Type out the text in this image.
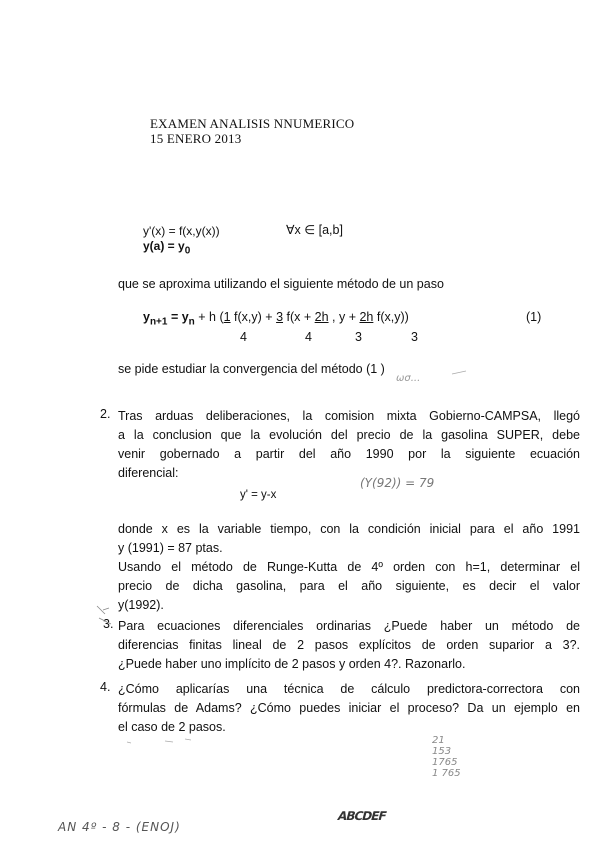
EXAMEN ANALISIS NNUMERICO
15 ENERO 2013
y'(x) = f(x,y(x))	∀x ∈ [a,b]
$y(a) = y_0$
que se aproxima utilizando el siguiente método de un paso
$y_{n+1} = y_n + h$ (1 f(x,y) + 3 f(x + 2h , y + 2h f(x,y))	(1)
4	4	3	3
se pide estudiar la convergencia del método (1 )
2. Tras arduas deliberaciones, la comision mixta Gobierno-CAMPSA, llegó
a la conclusion que la evolución del precio de la gasolina SUPER, debe
venir gobernado a partir del año 1990 por la siguiente ecuación
diferencial:
y' = y-x
donde x es la variable tiempo, con la condición inicial para el año 1991
y (1991) = 87 ptas.
Usando el método de Runge-Kutta de 4º orden con h=1, determinar el
precio de dicha gasolina, para el año siguiente, es decir el valor
y(1992).
3. Para ecuaciones diferenciales ordinarias ¿Puede haber un método de
diferencias finitas lineal de 2 pasos explícitos de orden suparior a 3?.
¿Puede haber uno implícito de 2 pasos y orden 4?. Razonarlo.
4. ¿Cómo aplicarías una técnica de cálculo predictora-correctora con
fórmulas de Adams? ¿Cómo puedes iniciar el proceso? Da un ejemplo en
el caso de 2 pasos.
ωσ...
(Y(92)) = 79
21
153
1765
1 765
ABCDEF
AN 4º - 8 - (ENOJ)
